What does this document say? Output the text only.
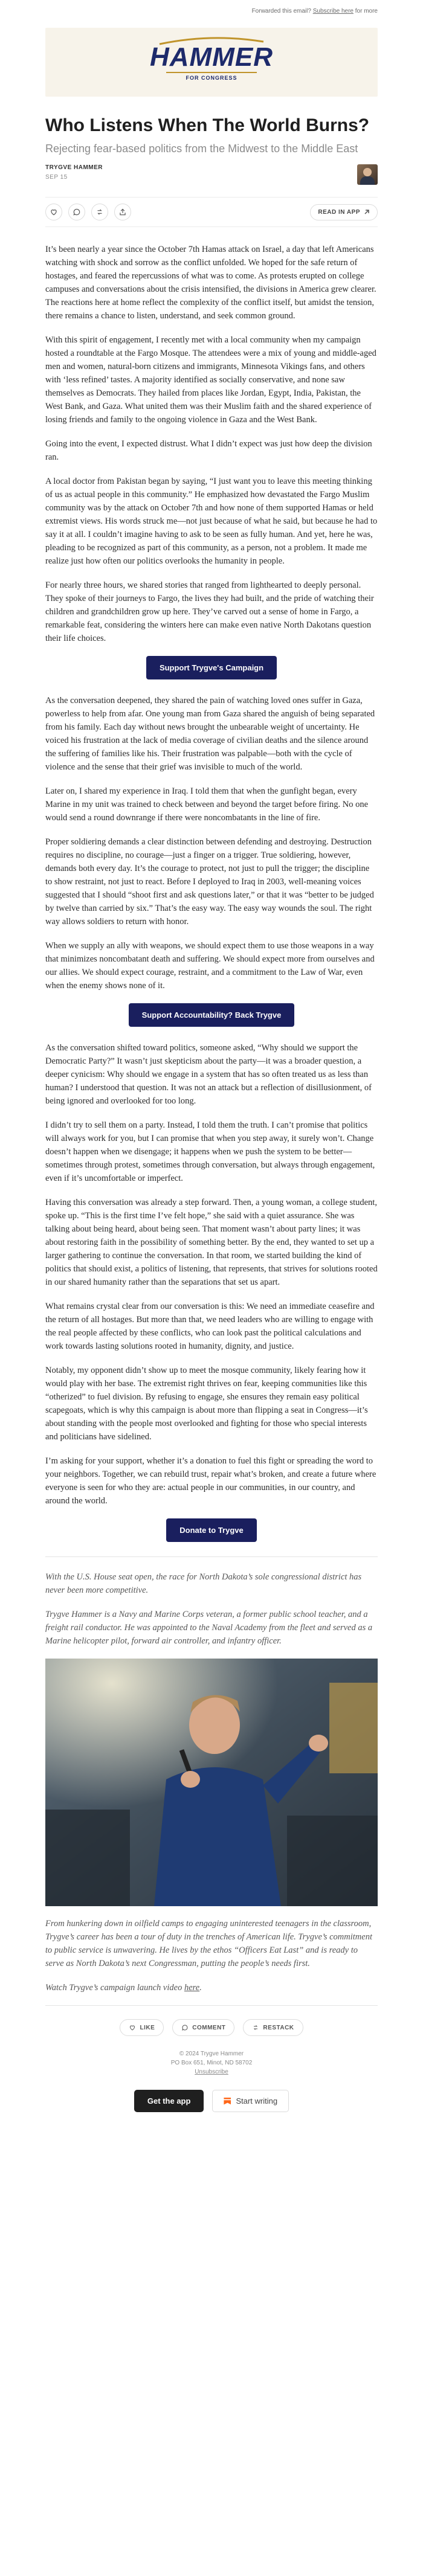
Forwarded this email? Subscribe here for more
HAMMER
FOR CONGRESS
Who Listens When The World Burns?
Rejecting fear-based politics from the Midwest to the Middle East
TRYGVE HAMMER
SEP 15
READ IN APP

It’s been nearly a year since the October 7th Hamas attack on Israel, a day that left Americans watching with shock and sorrow as the conflict unfolded. We hoped for the safe return of hostages, and feared the repercussions of what was to come. As protests erupted on college campuses and conversations about the crisis intensified, the divisions in America grew clearer. The reactions here at home reflect the complexity of the conflict itself, but amidst the tension, there remains a chance to listen, understand, and seek common ground.

With this spirit of engagement, I recently met with a local community when my campaign hosted a roundtable at the Fargo Mosque. The attendees were a mix of young and middle-aged men and women, natural-born citizens and immigrants, Minnesota Vikings fans, and others with ‘less refined’ tastes. A majority identified as socially conservative, and none saw themselves as Democrats. They hailed from places like Jordan, Egypt, India, Pakistan, the West Bank, and Gaza. What united them was their Muslim faith and the shared experience of losing friends and family to the ongoing violence in Gaza and the West Bank.

Going into the event, I expected distrust. What I didn’t expect was just how deep the division ran.

A local doctor from Pakistan began by saying, “I just want you to leave this meeting thinking of us as actual people in this community.” He emphasized how devastated the Fargo Muslim community was by the attack on October 7th and how none of them supported Hamas or held extremist views. His words struck me—not just because of what he said, but because he had to say it at all. I couldn’t imagine having to ask to be seen as fully human. And yet, here he was, pleading to be recognized as part of this community, as a person, not a problem. It made me realize just how often our politics overlooks the humanity in people.

For nearly three hours, we shared stories that ranged from lighthearted to deeply personal. They spoke of their journeys to Fargo, the lives they had built, and the pride of watching their children and grandchildren grow up here. They’ve carved out a sense of home in Fargo, a remarkable feat, considering the winters here can make even native North Dakotans question their life choices.

Support Trygve's Campaign

As the conversation deepened, they shared the pain of watching loved ones suffer in Gaza, powerless to help from afar. One young man from Gaza shared the anguish of being separated from his family. Each day without news brought the unbearable weight of uncertainty. He voiced his frustration at the lack of media coverage of civilian deaths and the silence around the suffering of families like his. Their frustration was palpable—both with the cycle of violence and the sense that their grief was invisible to much of the world.

Later on, I shared my experience in Iraq. I told them that when the gunfight began, every Marine in my unit was trained to check between and beyond the target before firing. No one would send a round downrange if there were noncombatants in the line of fire.

Proper soldiering demands a clear distinction between defending and destroying. Destruction requires no discipline, no courage—just a finger on a trigger. True soldiering, however, demands both every day. It’s the courage to protect, not just to pull the trigger; the discipline to show restraint, not just to react. Before I deployed to Iraq in 2003, well-meaning voices suggested that I should “shoot first and ask questions later,” or that it was “better to be judged by twelve than carried by six.” That’s the easy way. The easy way wounds the soul. The right way allows soldiers to return with honor.

When we supply an ally with weapons, we should expect them to use those weapons in a way that minimizes noncombatant death and suffering. We should expect more from ourselves and our allies. We should expect courage, restraint, and a commitment to the Law of War, even when the enemy shows none of it.

Support Accountability? Back Trygve

As the conversation shifted toward politics, someone asked, “Why should we support the Democratic Party?” It wasn’t just skepticism about the party—it was a broader question, a deeper cynicism: Why should we engage in a system that has so often treated us as less than human? I understood that question. It was not an attack but a reflection of disillusionment, of being ignored and overlooked for too long.

I didn’t try to sell them on a party. Instead, I told them the truth. I can’t promise that politics will always work for you, but I can promise that when you step away, it surely won’t. Change doesn’t happen when we disengage; it happens when we push the system to be better—sometimes through protest, sometimes through conversation, but always through engagement, even if it’s uncomfortable or imperfect.

Having this conversation was already a step forward. Then, a young woman, a college student, spoke up. “This is the first time I’ve felt hope,” she said with a quiet assurance. She was talking about being heard, about being seen. That moment wasn’t about party lines; it was about restoring faith in the possibility of something better. By the end, they wanted to set up a larger gathering to continue the conversation. In that room, we started building the kind of politics that should exist, a politics of listening, that represents, that strives for solutions rooted in our shared humanity rather than the separations that set us apart.

What remains crystal clear from our conversation is this: We need an immediate ceasefire and the return of all hostages. But more than that, we need leaders who are willing to engage with the real people affected by these conflicts, who can look past the political calculations and work towards lasting solutions rooted in humanity, dignity, and justice.

Notably, my opponent didn’t show up to meet the mosque community, likely fearing how it would play with her base. The extremist right thrives on fear, keeping communities like this “otherized” to fuel division. By refusing to engage, she ensures they remain easy political scapegoats, which is why this campaign is about more than flipping a seat in Congress—it’s about standing with the people most overlooked and fighting for those who special interests and politicians have sidelined.

I’m asking for your support, whether it’s a donation to fuel this fight or spreading the word to your neighbors. Together, we can rebuild trust, repair what’s broken, and create a future where everyone is seen for who they are: actual people in our communities, in our country, and around the world.

Donate to Trygve

With the U.S. House seat open, the race for North Dakota’s sole congressional district has never been more competitive.

Trygve Hammer is a Navy and Marine Corps veteran, a former public school teacher, and a freight rail conductor. He was appointed to the Naval Academy from the fleet and served as a Marine helicopter pilot, forward air controller, and infantry officer.

From hunkering down in oilfield camps to engaging uninterested teenagers in the classroom, Trygve’s career has been a tour of duty in the trenches of American life. Trygve’s commitment to public service is unwavering. He lives by the ethos “Officers Eat Last” and is ready to serve as North Dakota’s next Congressman, putting the people’s needs first.

Watch Trygve’s campaign launch video here.

LIKE	COMMENT	RESTACK
© 2024 Trygve Hammer
PO Box 651, Minot, ND 58702
Unsubscribe
Get the app	Start writing
